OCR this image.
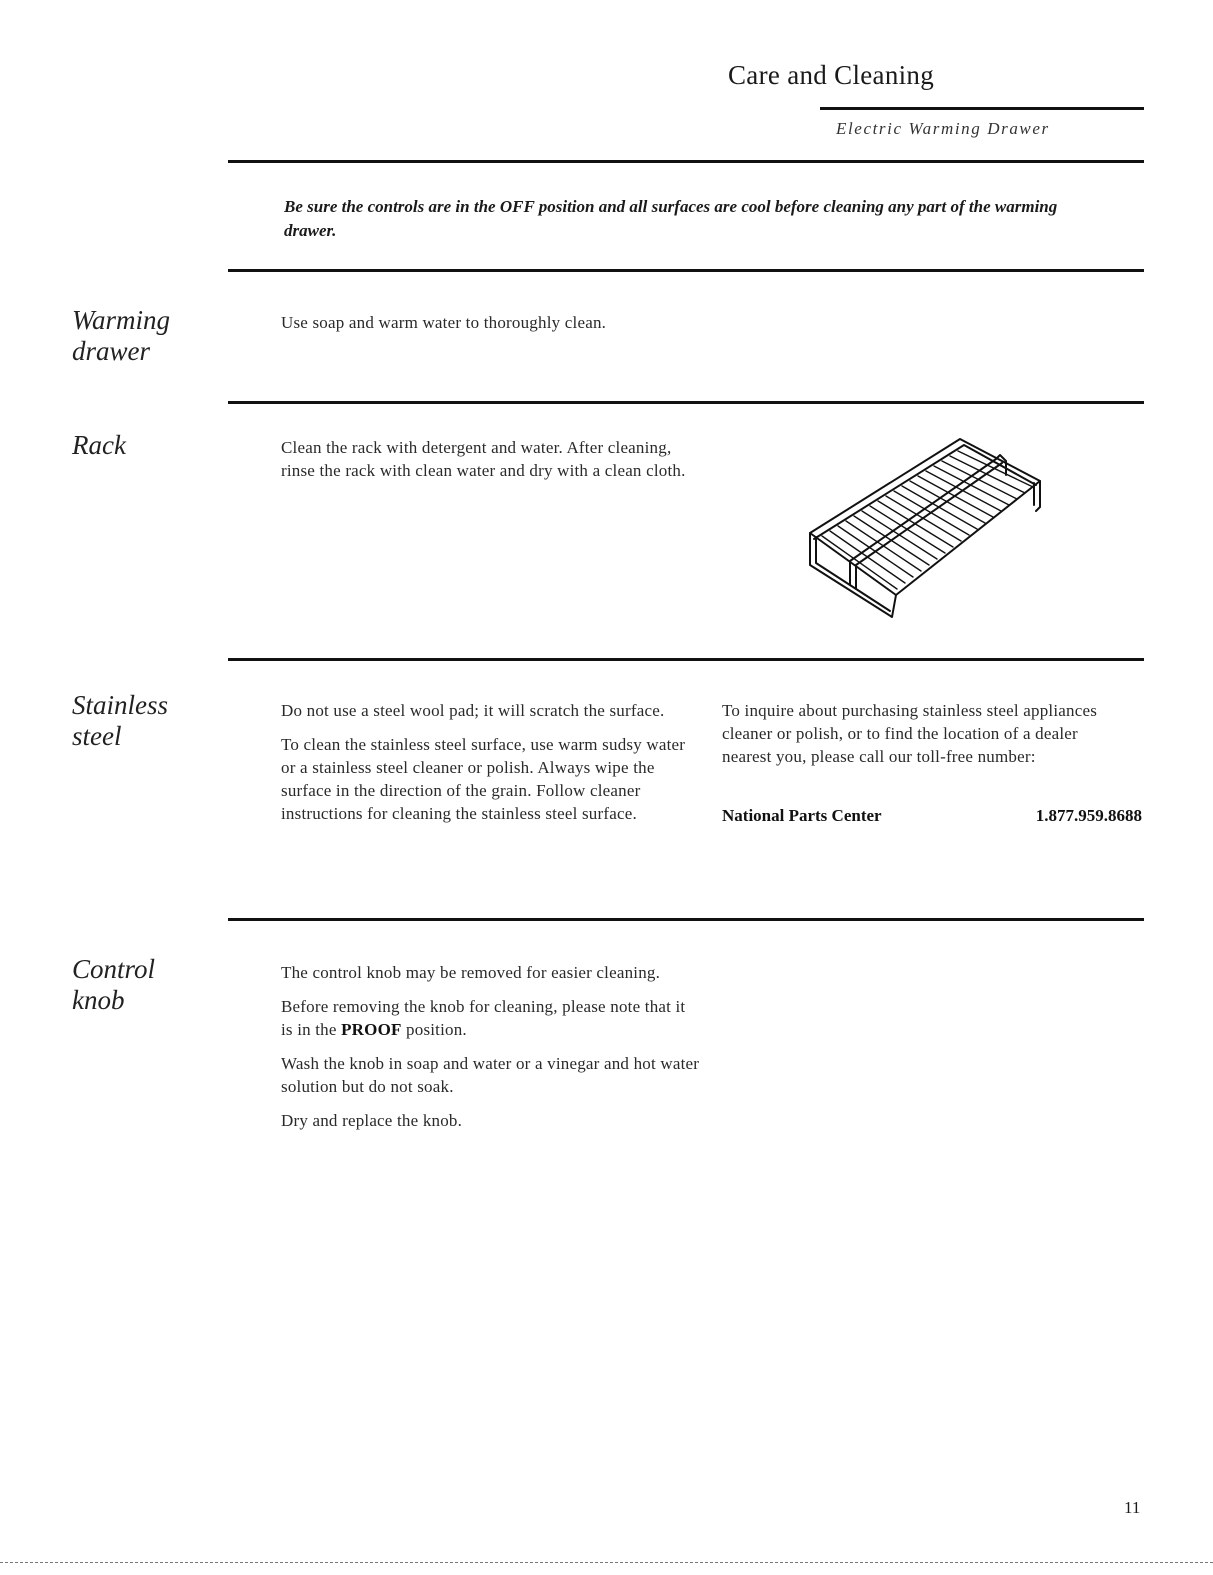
Care and Cleaning
Electric Warming Drawer
Be sure the controls are in the OFF position and all surfaces are cool before cleaning any part of the warming drawer.
Warming
drawer
Use soap and warm water to thoroughly clean.
Rack	Clean the rack with detergent and water. After cleaning, rinse the rack with clean water and dry with a clean cloth.
Stainless
steel

Do not use a steel wool pad; it will scratch the surface.

To clean the stainless steel surface, use warm sudsy water or a stainless steel cleaner or polish. Always wipe the surface in the direction of the grain. Follow cleaner instructions for cleaning the stainless steel surface.

To inquire about purchasing stainless steel appliances cleaner or polish, or to find the location of a dealer nearest you, please call our toll-free number:
National Parts Center	1.877.959.8688
Control
knob

The control knob may be removed for easier cleaning.

Before removing the knob for cleaning, please note that it is in the PROOF position.

Wash the knob in soap and water or a vinegar and hot water solution but do not soak.

Dry and replace the knob.

11
